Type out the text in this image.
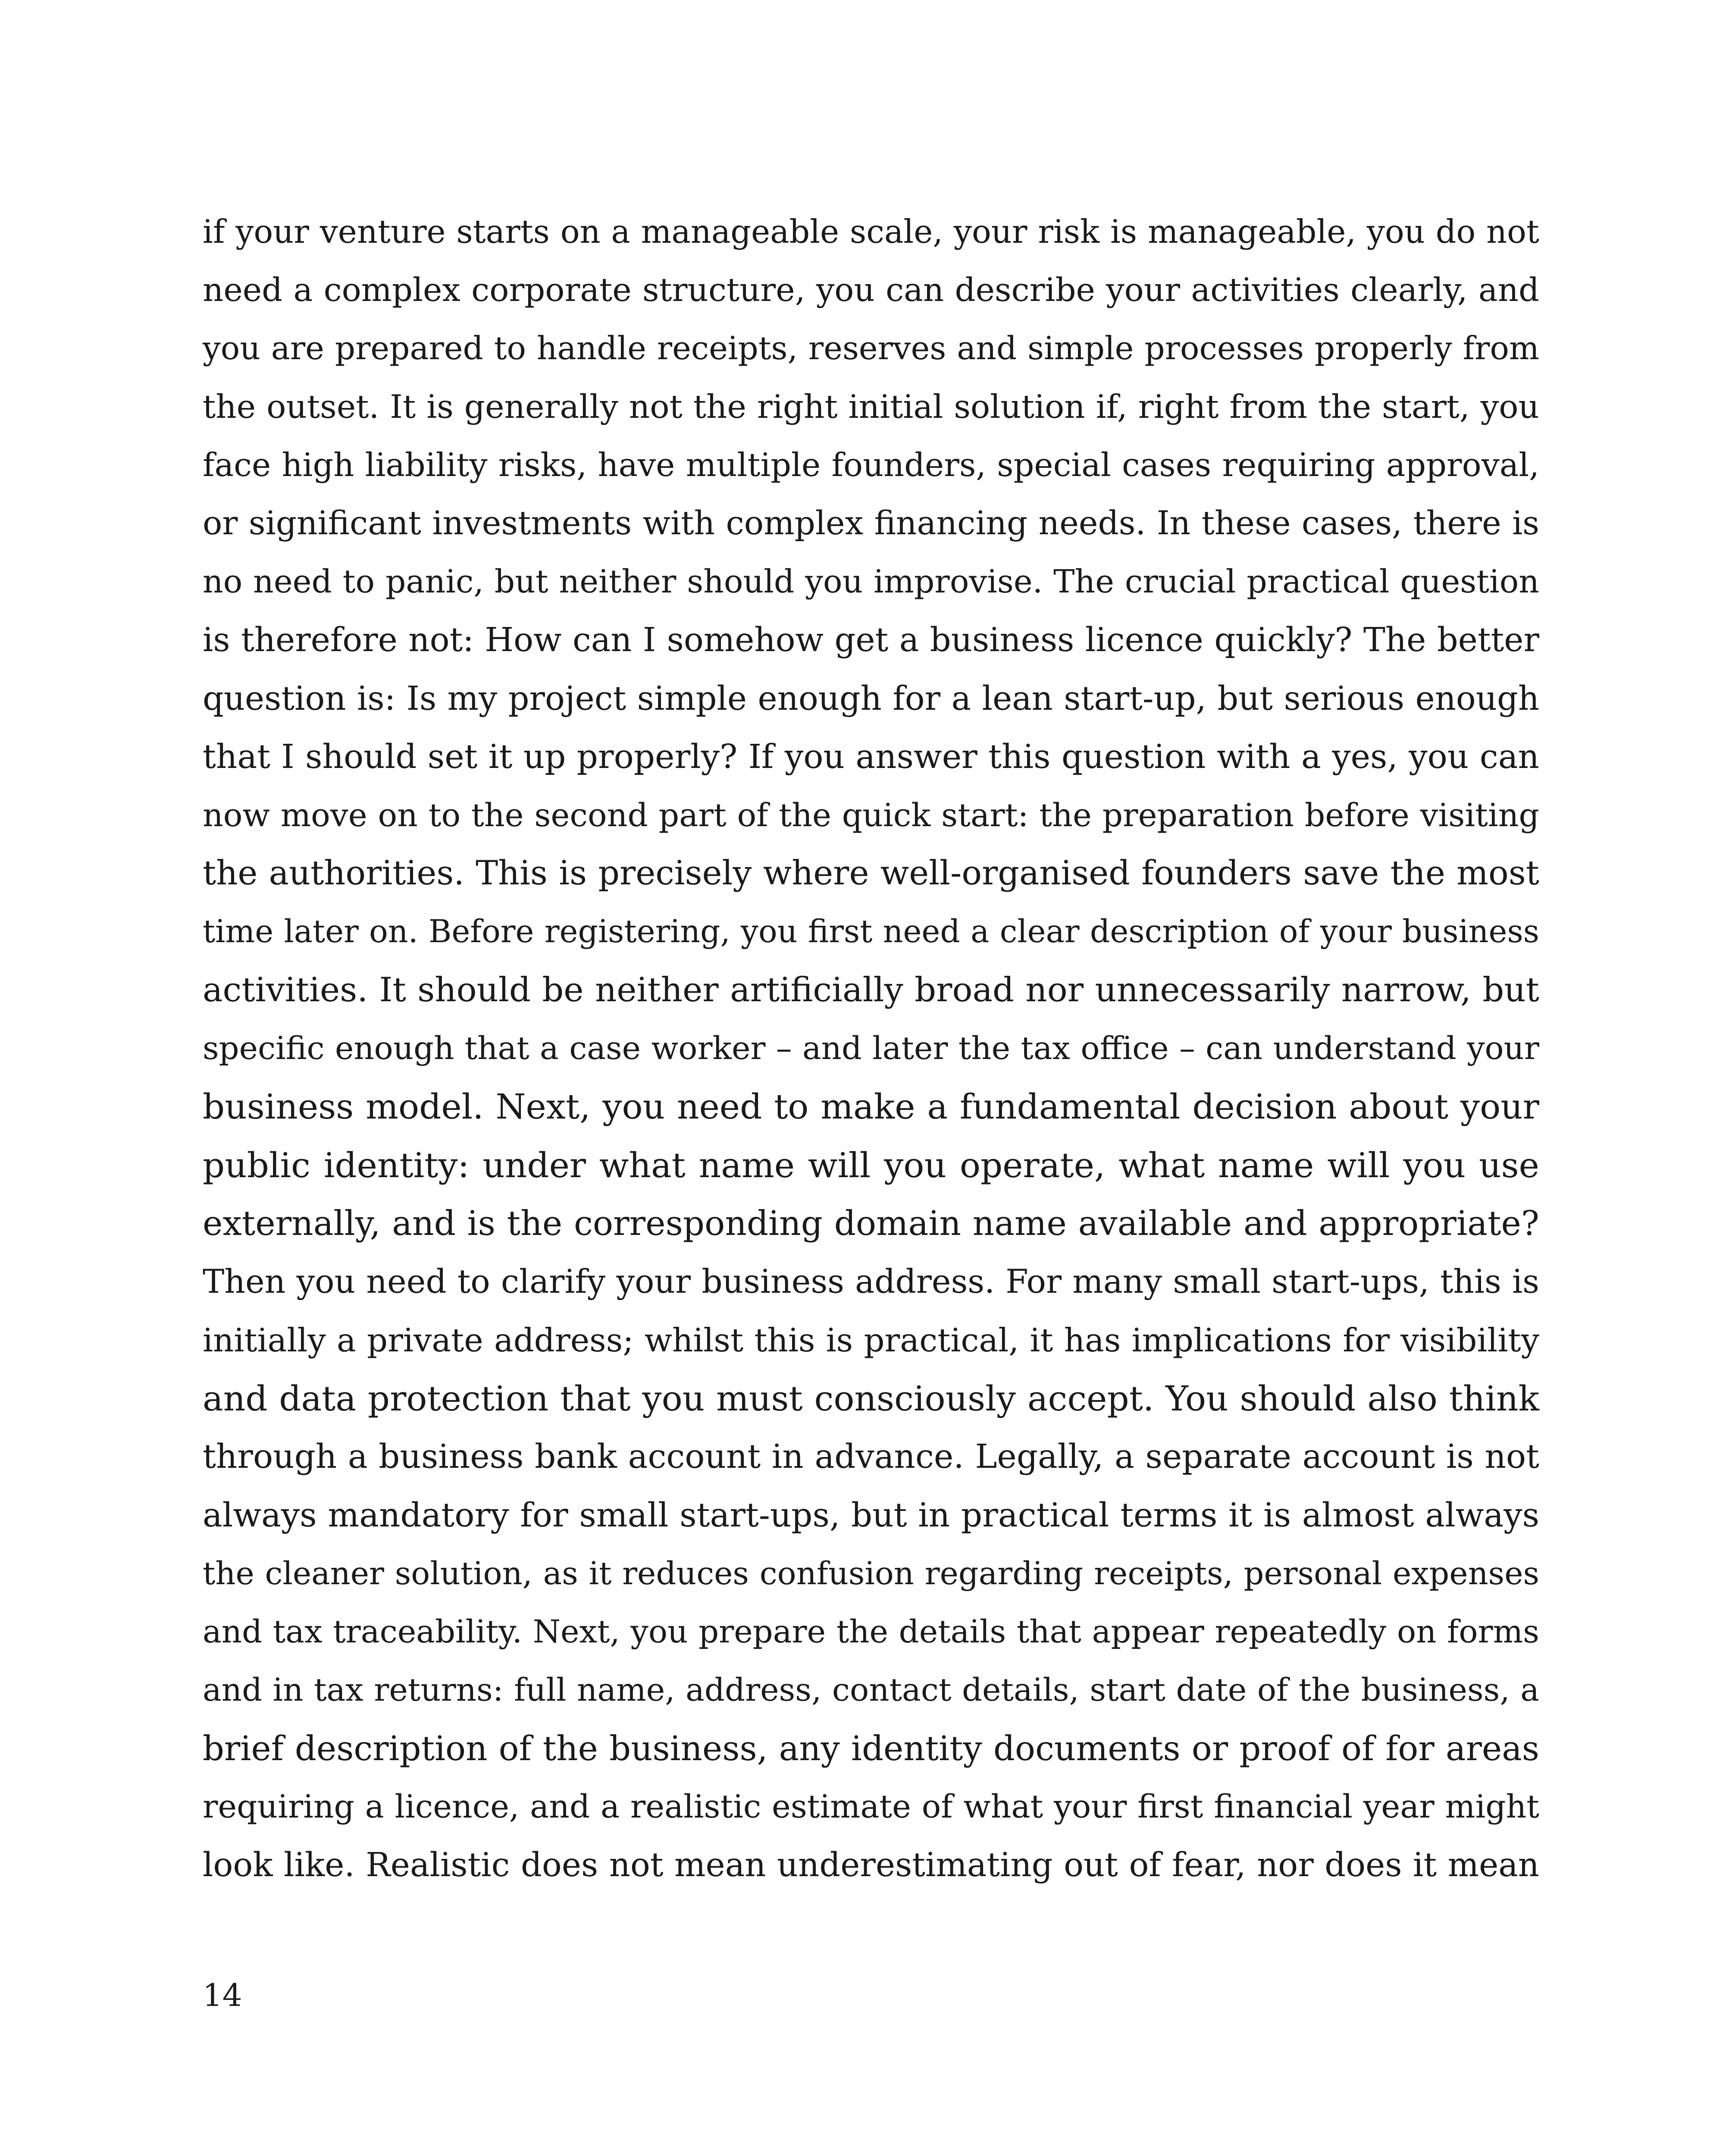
if your venture starts on a manageable scale, your risk is manageable, you do not
need a complex corporate structure, you can describe your activities clearly, and
you are prepared to handle receipts, reserves and simple processes properly from
the outset. It is generally not the right initial solution if, right from the start, you
face high liability risks, have multiple founders, special cases requiring approval,
or significant investments with complex financing needs. In these cases, there is
no need to panic, but neither should you improvise. The crucial practical question
is therefore not: How can I somehow get a business licence quickly? The better
question is: Is my project simple enough for a lean start-up, but serious enough
that I should set it up properly? If you answer this question with a yes, you can
now move on to the second part of the quick start: the preparation before visiting
the authorities. This is precisely where well-organised founders save the most
time later on. Before registering, you first need a clear description of your business
activities. It should be neither artificially broad nor unnecessarily narrow, but
specific enough that a case worker – and later the tax office – can understand your
business model. Next, you need to make a fundamental decision about your
public identity: under what name will you operate, what name will you use
externally, and is the corresponding domain name available and appropriate?
Then you need to clarify your business address. For many small start-ups, this is
initially a private address; whilst this is practical, it has implications for visibility
and data protection that you must consciously accept. You should also think
through a business bank account in advance. Legally, a separate account is not
always mandatory for small start-ups, but in practical terms it is almost always
the cleaner solution, as it reduces confusion regarding receipts, personal expenses
and tax traceability. Next, you prepare the details that appear repeatedly on forms
and in tax returns: full name, address, contact details, start date of the business, a
brief description of the business, any identity documents or proof of for areas
requiring a licence, and a realistic estimate of what your first financial year might
look like. Realistic does not mean underestimating out of fear, nor does it mean

14
